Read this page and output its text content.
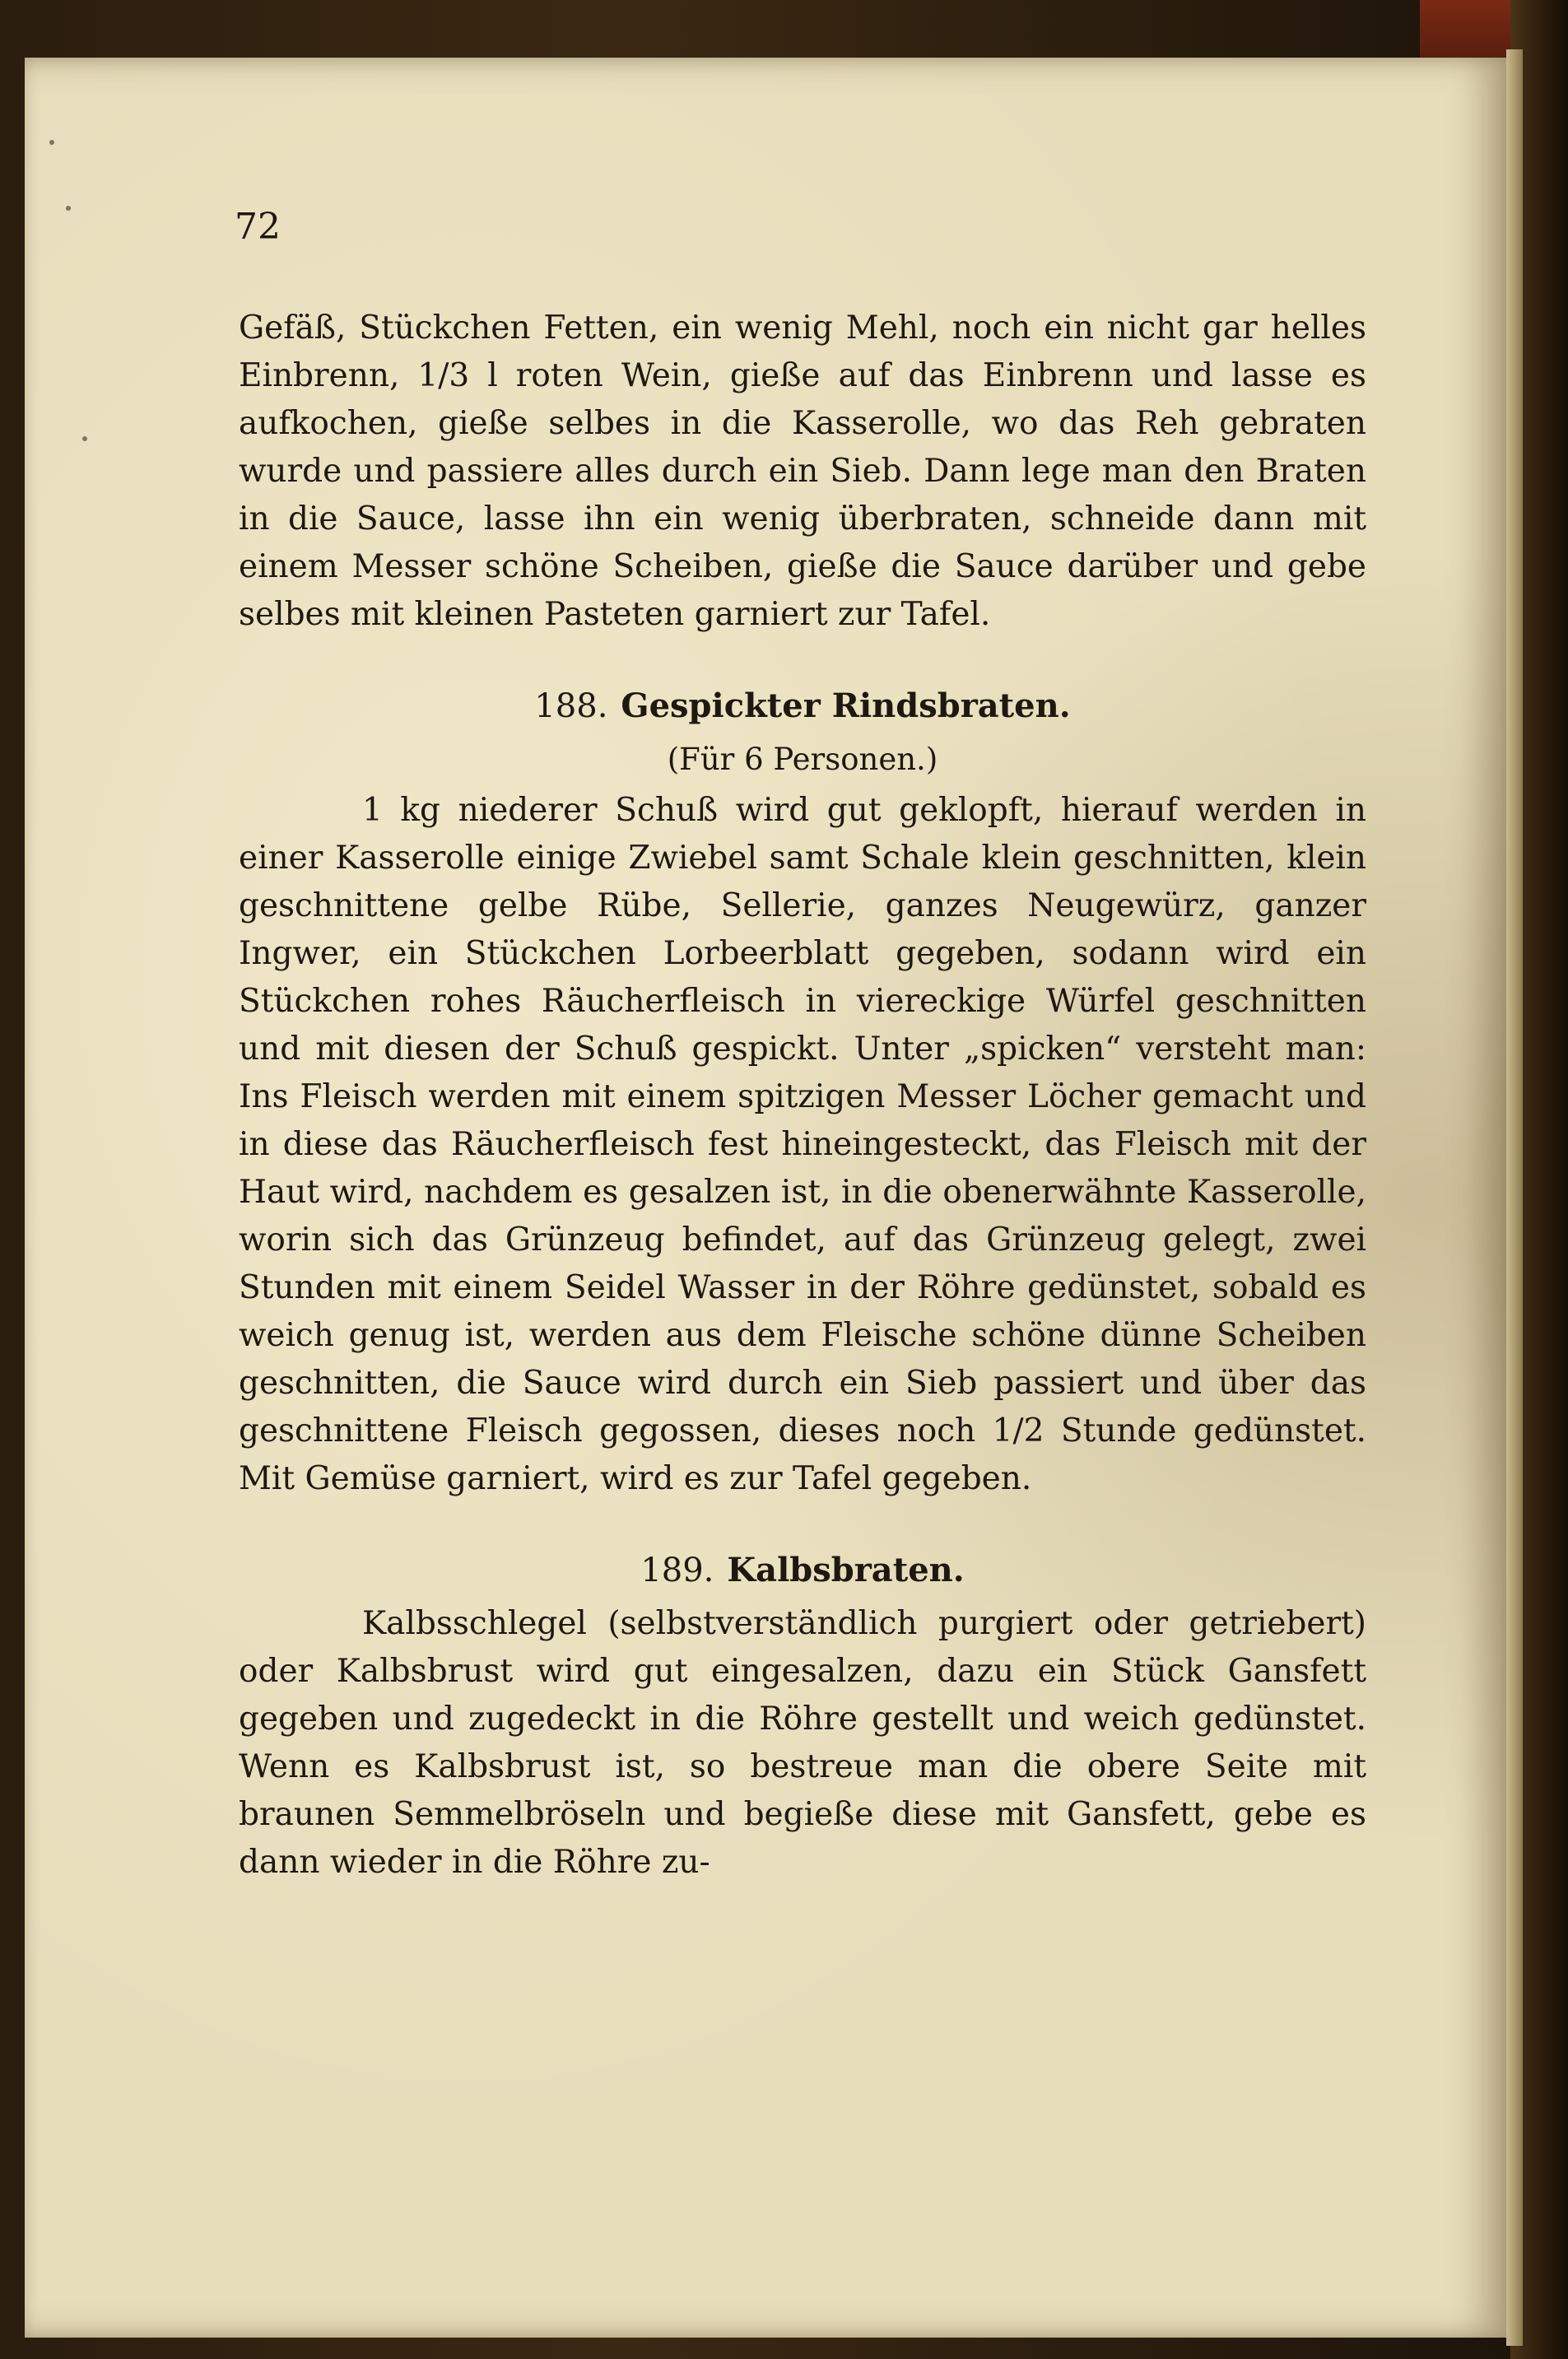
72

Gefäß, Stückchen Fetten, ein wenig Mehl, noch ein nicht gar helles Einbrenn, 1/3 l roten Wein, gieße auf das Einbrenn und lasse es aufkochen, gieße selbes in die Kasserolle, wo das Reh gebraten wurde und passiere alles durch ein Sieb. Dann lege man den Braten in die Sauce, lasse ihn ein wenig überbraten, schneide dann mit einem Messer schöne Scheiben, gieße die Sauce darüber und gebe selbes mit kleinen Pasteten garniert zur Tafel.

188. Gespickter Rindsbraten.
(Für 6 Personen.)

1 kg niederer Schuß wird gut geklopft, hierauf werden in einer Kasserolle einige Zwiebel samt Schale klein geschnitten, klein geschnittene gelbe Rübe, Sellerie, ganzes Neugewürz, ganzer Ingwer, ein Stückchen Lorbeerblatt gegeben, sodann wird ein Stückchen rohes Räucherfleisch in viereckige Würfel geschnitten und mit diesen der Schuß gespickt. Unter „spicken“ versteht man: Ins Fleisch werden mit einem spitzigen Messer Löcher gemacht und in diese das Räucherfleisch fest hineingesteckt, das Fleisch mit der Haut wird, nachdem es gesalzen ist, in die obenerwähnte Kasserolle, worin sich das Grünzeug befindet, auf das Grünzeug gelegt, zwei Stunden mit einem Seidel Wasser in der Röhre gedünstet, sobald es weich genug ist, werden aus dem Fleische schöne dünne Scheiben geschnitten, die Sauce wird durch ein Sieb passiert und über das geschnittene Fleisch gegossen, dieses noch 1/2 Stunde gedünstet. Mit Gemüse garniert, wird es zur Tafel gegeben.

189. Kalbsbraten.

Kalbsschlegel (selbstverständlich purgiert oder getriebert) oder Kalbsbrust wird gut eingesalzen, dazu ein Stück Gansfett gegeben und zugedeckt in die Röhre gestellt und weich gedünstet. Wenn es Kalbsbrust ist, so bestreue man die obere Seite mit braunen Semmelbröseln und begieße diese mit Gansfett, gebe es dann wieder in die Röhre zu-
